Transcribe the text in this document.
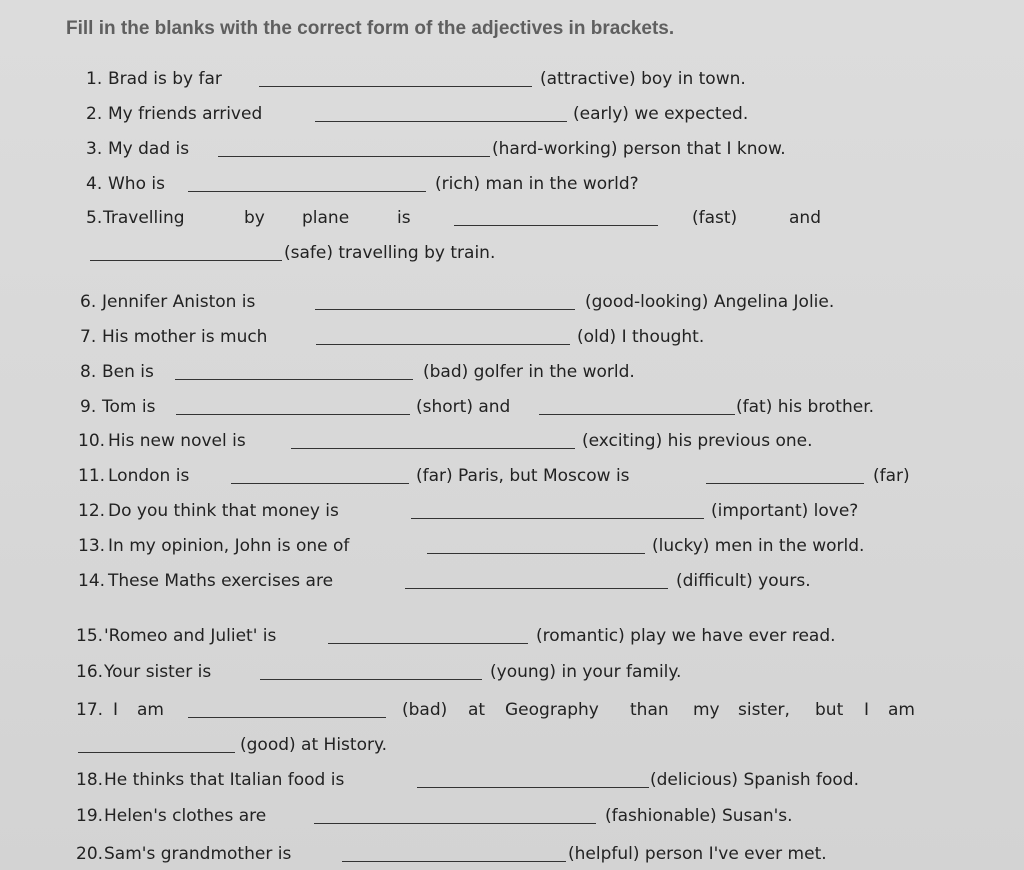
Fill in the blanks with the correct form of the adjectives in brackets.
1. Brad is by far	(attractive) boy in town.
2. My friends arrived	(early) we expected.
3. My dad is	(hard-working) person that I know.
4. Who is	(rich) man in the world?
5. Travelling	by plane	is	(fast)	and
(safe) travelling by train.
6. Jennifer Aniston is	(good-looking) Angelina Jolie.
7. His mother is much	(old) I thought.
8. Ben is	(bad) golfer in the world.
9. Tom is	(short) and	(fat) his brother.
10. His new novel is	(exciting) his previous one.
11. London is	(far) Paris, but Moscow is	(far)
12. Do you think that money is	(important) love?
13. In my opinion, John is one of	(lucky) men in the world.
14. These Maths exercises are	(difficult) yours.
15. 'Romeo and Juliet' is	(romantic) play we have ever read.
16. Your sister is	(young) in your family.
17. I am	(bad) at Geography than my sister, but I am
(good) at History.
18. He thinks that Italian food is	(delicious) Spanish food.
19. Helen's clothes are	(fashionable) Susan's.
20. Sam's grandmother is	(helpful) person I've ever met.
